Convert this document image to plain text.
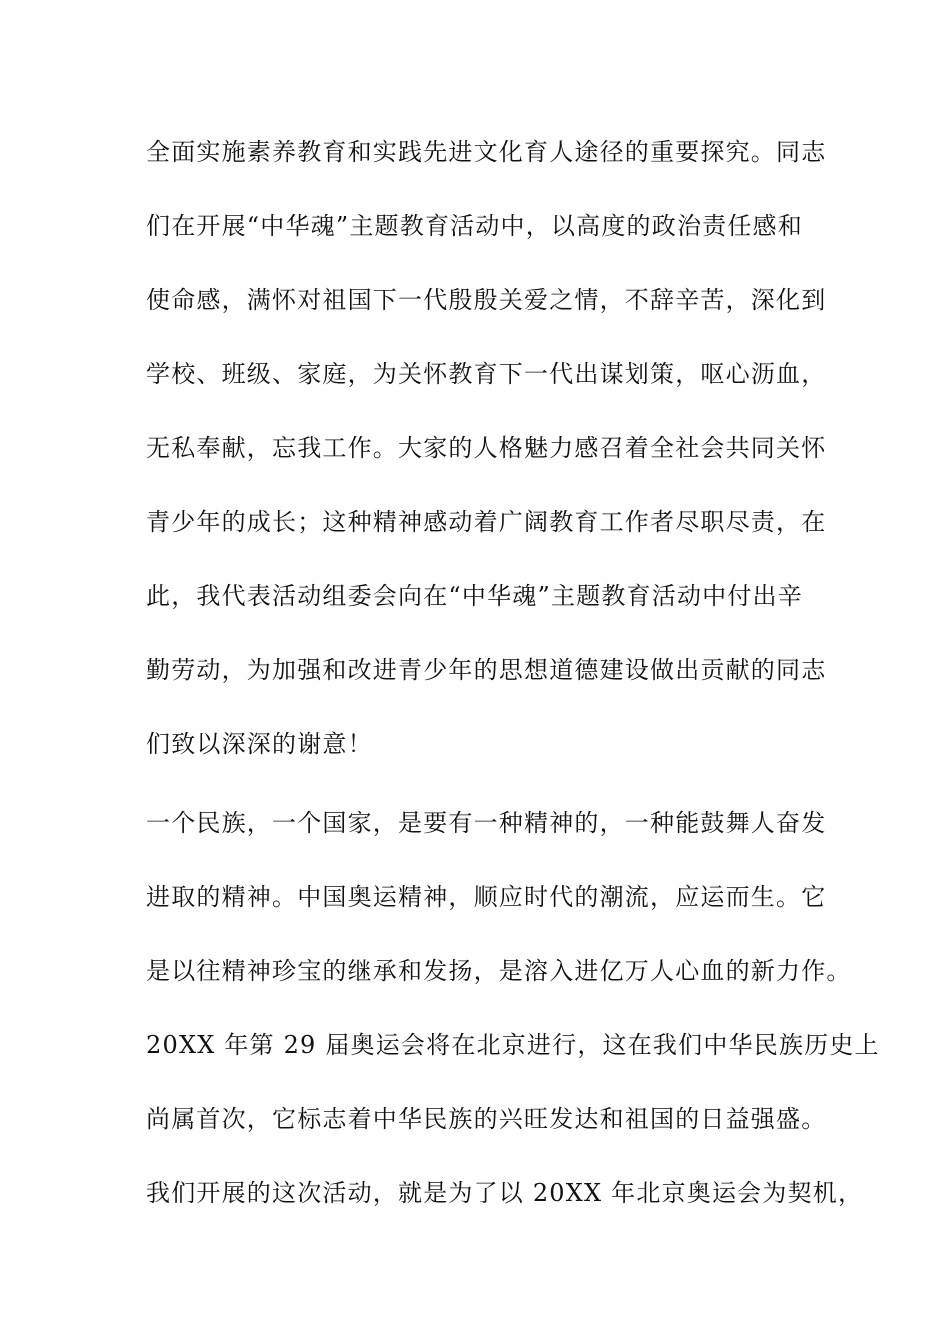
全面实施素养教育和实践先进文化育人途径的重要探究。同志
们在开展“中华魂”主题教育活动中，以高度的政治责任感和
使命感，满怀对祖国下一代殷殷关爱之情，不辞辛苦，深化到
学校、班级、家庭，为关怀教育下一代出谋划策，呕心沥血，
无私奉献，忘我工作。大家的人格魅力感召着全社会共同关怀
青少年的成长；这种精神感动着广阔教育工作者尽职尽责，在
此，我代表活动组委会向在“中华魂”主题教育活动中付出辛
勤劳动，为加强和改进青少年的思想道德建设做出贡献的同志
们致以深深的谢意！
一个民族，一个国家，是要有一种精神的，一种能鼓舞人奋发
进取的精神。中国奥运精神，顺应时代的潮流，应运而生。它
是以往精神珍宝的继承和发扬，是溶入进亿万人心血的新力作。
20XX 年第 29 届奥运会将在北京进行，这在我们中华民族历史上
尚属首次，它标志着中华民族的兴旺发达和祖国的日益强盛。
我们开展的这次活动，就是为了以 20XX 年北京奥运会为契机，
